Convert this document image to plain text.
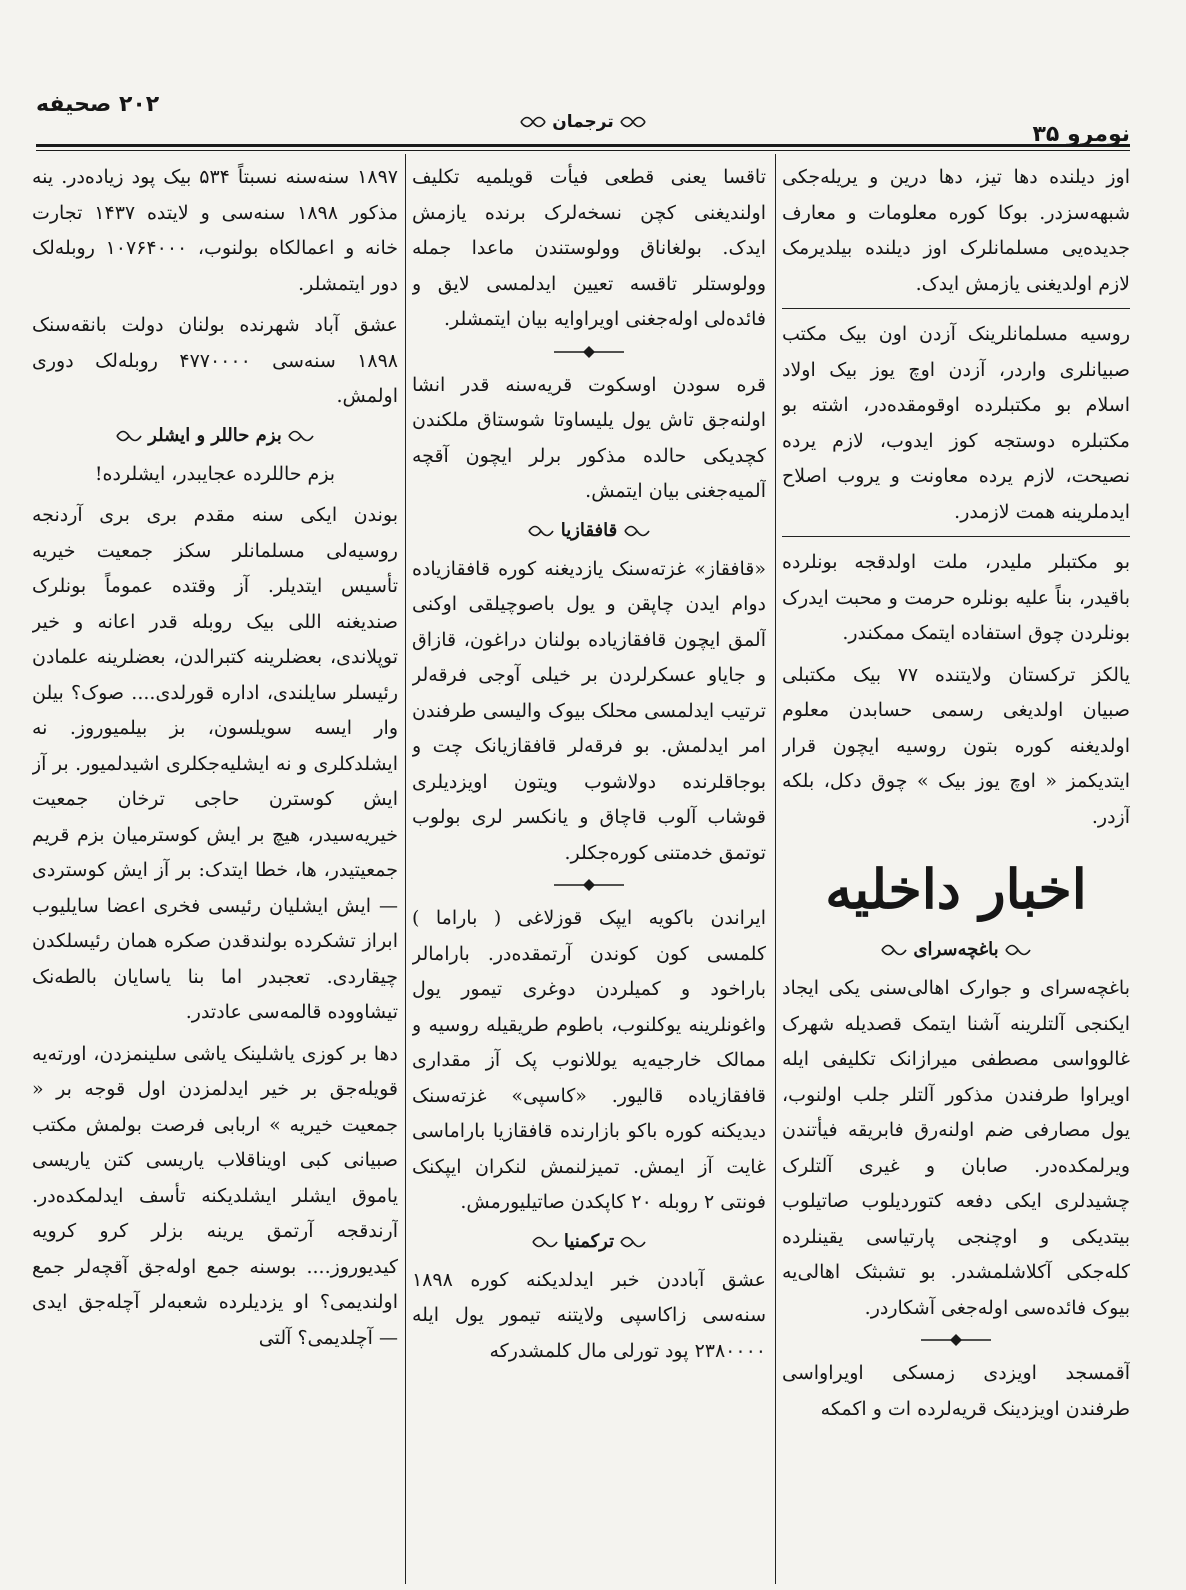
۲۰۲ صحیفه
ترجمان	نومرو ۳۵

اوز دیلنده دها تیز، دها درین و یریله‌جکی شبهه‌سزدر. بوکا کوره معلومات و معارف جدیده‌یی مسلمانلرک اوز دیلنده بیلدیرمک لازم اولدیغنی یازمش ایدک.

روسیه مسلمانلرینک آزدن اون بیک مکتب صبیانلری واردر، آزدن اوچ یوز بیک اولاد اسلام بو مکتبلرده اوقومقده‌در، اشته بو مکتبلره دوستجه کوز ایدوب، لازم یرده نصیحت، لازم یرده معاونت و یروب اصلاح ایدملرینه همت لازمدر.

بو مکتبلر ملیدر، ملت اولدقجه بونلرده باقیدر، بناً علیه بونلره حرمت و محبت ایدرک بونلردن چوق استفاده ایتمک ممکندر.

یالکز ترکستان ولایتنده ۷۷ بیک مکتبلی صبیان اولدیغی رسمی حسابدن معلوم اولدیغنه کوره بتون روسیه ایچون قرار ایتدیکمز « اوچ یوز بیک » چوق دکل، بلکه آزدر.

اخبار داخلیه
باغچه‌سرای

باغچه‌سرای و جوارک اهالی‌سنی یکی ایجاد ایکنجی آلتلرینه آشنا ایتمک قصدیله شهرک غالوواسی مصطفی میرازانک تکلیفی ایله اویراوا طرفندن مذکور آلتلر جلب اولنوب، یول مصارفی ضم اولنه‌رق فابریقه فیأتندن ویرلمکده‌در. صابان و غیری آلتلرک چشیدلری ایکی دفعه کتوردیلوب صاتیلوب بیتدیکی و اوچنجی پارتیاسی یقینلرده کله‌جکی آکلاشلمشدر. بو تشبثک اهالی‌یه بیوک فائده‌سی اوله‌جغی آشکاردر.

آقمسجد اویزدی زمسکی اویراواسی طرفندن اویزدینک قریه‌لرده ات و اکمکه

تاقسا یعنی قطعی فیأت قویلمیه تکلیف اولندیغنی کچن نسخه‌لرک برنده یازمش ایدک. بولغاناق وولوستندن ماعدا جمله وولوستلر تاقسه تعیین ایدلمسی لایق و فائده‌لی اوله‌جغنی اویراوایه بیان ایتمشلر.

قره سودن اوسکوت قریه‌سنه قدر انشا اولنه‌جق تاش یول یلیساوتا شوستاق ملکندن کچدیکی حالده مذکور برلر ایچون آقچه آلمیه‌جغنی بیان ایتمش.

قافقازیا

«قافقاز» غزته‌سنک یازدیغنه کوره قافقازیاده دوام ایدن چاپقن و یول باصوچیلقی اوکنی آلمق ایچون قافقازیاده بولنان دراغون، قازاق و جایاو عسکرلردن بر خیلی آوجی فرقه‌لر ترتیب ایدلمسی محلک بیوک والیسی طرفندن امر ایدلمش. بو فرقه‌لر قافقازیانک چت و بوجاقلرنده دولاشوب ویتون اویزدیلری قوشاب آلوب قاچاق و یانکسر لری بولوب توتمق خدمتنی کوره‌جکلر.

ایراندن باکویه ایپک قوزلاغی ( باراما ) کلمسی کون کوندن آرتمقده‌در. بارامالر باراخود و کمیلردن دوغری تیمور یول واغونلرینه یوکلنوب، باطوم طریقیله روسیه و ممالک خارجیه‌یه یوللانوب پک آز مقداری قافقازیاده قالیور. «کاسپی» غزته‌سنک دیدیکنه کوره باکو بازارنده قافقازیا باراماسی غایت آز ایمش. تمیزلنمش لنکران ایپکنک فونتی ۲ روبله ۲۰ کاپکدن صاتیلیورمش.

ترکمنیا

عشق آباددن خبر ایدلدیکنه کوره ۱۸۹۸ سنه‌سی زاکاسپی ولایتنه تیمور یول ایله ۲۳۸۰۰۰۰ پود تورلی مال کلمشدرکه

۱۸۹۷ سنه‌سنه نسبتاً ۵۳۴ بیک پود زیاده‌در. ینه مذکور ۱۸۹۸ سنه‌سی و لایتده ۱۴۳۷ تجارت خانه و اعمالکاه بولنوب، ۱۰۷۶۴۰۰۰ روبله‌لک دور ایتمشلر.

عشق آباد شهرنده بولنان دولت بانقه‌سنک ۱۸۹۸ سنه‌سی ۴۷۷۰۰۰۰ روبله‌لک دوری اولمش.

بزم حاللر و ایشلر

بزم حاللرده عجایبدر، ایشلرده!

بوندن ایکی سنه مقدم بری بری آردنجه روسیه‌لی مسلمانلر سکز جمعیت خیریه تأسیس ایتدیلر. آز وقتده عموماً بونلرک صندیغنه اللی بیک روبله قدر اعانه و خیر توپلاندی، بعضلرینه کتبرالدن، بعضلرینه علمادن رئیسلر سایلندی، اداره قورلدی.... صوک؟ بیلن وار ایسه سویلسون، بز بیلمیوروز. نه ایشلدکلری و نه ایشلیه‌جکلری اشیدلمیور. بر آز ایش کوسترن حاجی ترخان جمعیت خیریه‌سیدر، هیچ بر ایش کوسترمیان بزم قریم جمعیتیدر، ها، خطا ایتدک: بر آز ایش کوستردی — ایش ایشلیان رئیسی فخری اعضا سایلیوب ابراز تشکرده بولندقدن صکره همان رئیسلکدن چیقاردی. تعجبدر اما بنا یاسایان بالطه‌نک تیشاووده قالمه‌سی عادتدر.

دها بر کوزی یاشلینک یاشی سلینمزدن، اورته‌یه قویله‌جق بر خیر ایدلمزدن اول قوجه بر « جمعیت خیریه » اربابی فرصت بولمش مکتب صبیانی کبی اویناقلاب یاریسی کتن یاریسی یاموق ایشلر ایشلدیکنه تأسف ایدلمکده‌در. آرندقجه آرتمق یرینه بزلر کرو کرویه کیدیوروز.... بوسنه جمع اوله‌جق آقچه‌لر جمع اولندیمی؟ او یزدیلرده شعبه‌لر آچله‌جق ایدی — آچلدیمی؟ آلتی
